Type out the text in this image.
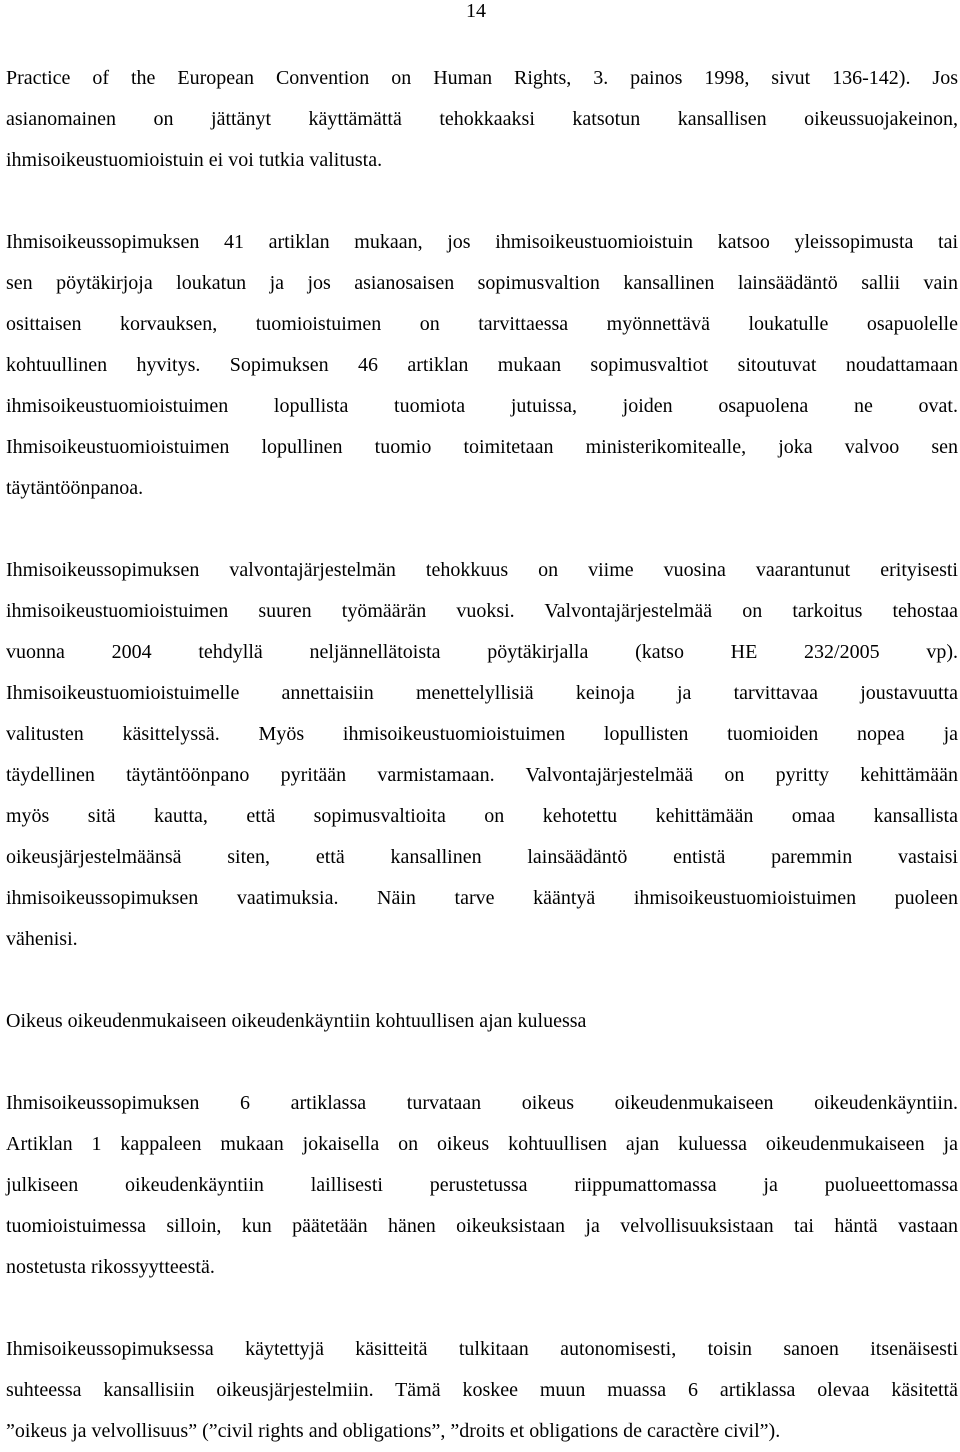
14

Practice of the European Convention on Human Rights, 3. painos 1998, sivut 136-142). Jos
asianomainen on jättänyt käyttämättä tehokkaaksi katsotun kansallisen oikeussuojakeinon,
ihmisoikeustuomioistuin ei voi tutkia valitusta.

Ihmisoikeussopimuksen 41 artiklan mukaan, jos ihmisoikeustuomioistuin katsoo yleissopimusta tai
sen pöytäkirjoja loukatun ja jos asianosaisen sopimusvaltion kansallinen lainsäädäntö sallii vain
osittaisen korvauksen, tuomioistuimen on tarvittaessa myönnettävä loukatulle osapuolelle
kohtuullinen hyvitys. Sopimuksen 46 artiklan mukaan sopimusvaltiot sitoutuvat noudattamaan
ihmisoikeustuomioistuimen lopullista tuomiota jutuissa, joiden osapuolena ne ovat.
Ihmisoikeustuomioistuimen lopullinen tuomio toimitetaan ministerikomitealle, joka valvoo sen
täytäntöönpanoa.

Ihmisoikeussopimuksen valvontajärjestelmän tehokkuus on viime vuosina vaarantunut erityisesti
ihmisoikeustuomioistuimen suuren työmäärän vuoksi. Valvontajärjestelmää on tarkoitus tehostaa
vuonna 2004 tehdyllä neljännellätoista pöytäkirjalla (katso HE 232/2005 vp).
Ihmisoikeustuomioistuimelle annettaisiin menettelyllisiä keinoja ja tarvittavaa joustavuutta
valitusten käsittelyssä. Myös ihmisoikeustuomioistuimen lopullisten tuomioiden nopea ja
täydellinen täytäntöönpano pyritään varmistamaan. Valvontajärjestelmää on pyritty kehittämään
myös sitä kautta, että sopimusvaltioita on kehotettu kehittämään omaa kansallista
oikeusjärjestelmäänsä siten, että kansallinen lainsäädäntö entistä paremmin vastaisi
ihmisoikeussopimuksen vaatimuksia. Näin tarve kääntyä ihmisoikeustuomioistuimen puoleen
vähenisi.

Oikeus oikeudenmukaiseen oikeudenkäyntiin kohtuullisen ajan kuluessa

Ihmisoikeussopimuksen 6 artiklassa turvataan oikeus oikeudenmukaiseen oikeudenkäyntiin.
Artiklan 1 kappaleen mukaan jokaisella on oikeus kohtuullisen ajan kuluessa oikeudenmukaiseen ja
julkiseen oikeudenkäyntiin laillisesti perustetussa riippumattomassa ja puolueettomassa
tuomioistuimessa silloin, kun päätetään hänen oikeuksistaan ja velvollisuuksistaan tai häntä vastaan
nostetusta rikossyytteestä.

Ihmisoikeussopimuksessa käytettyjä käsitteitä tulkitaan autonomisesti, toisin sanoen itsenäisesti
suhteessa kansallisiin oikeusjärjestelmiin. Tämä koskee muun muassa 6 artiklassa olevaa käsitettä
”oikeus ja velvollisuus” (”civil rights and obligations”, ”droits et obligations de caractère civil”).
